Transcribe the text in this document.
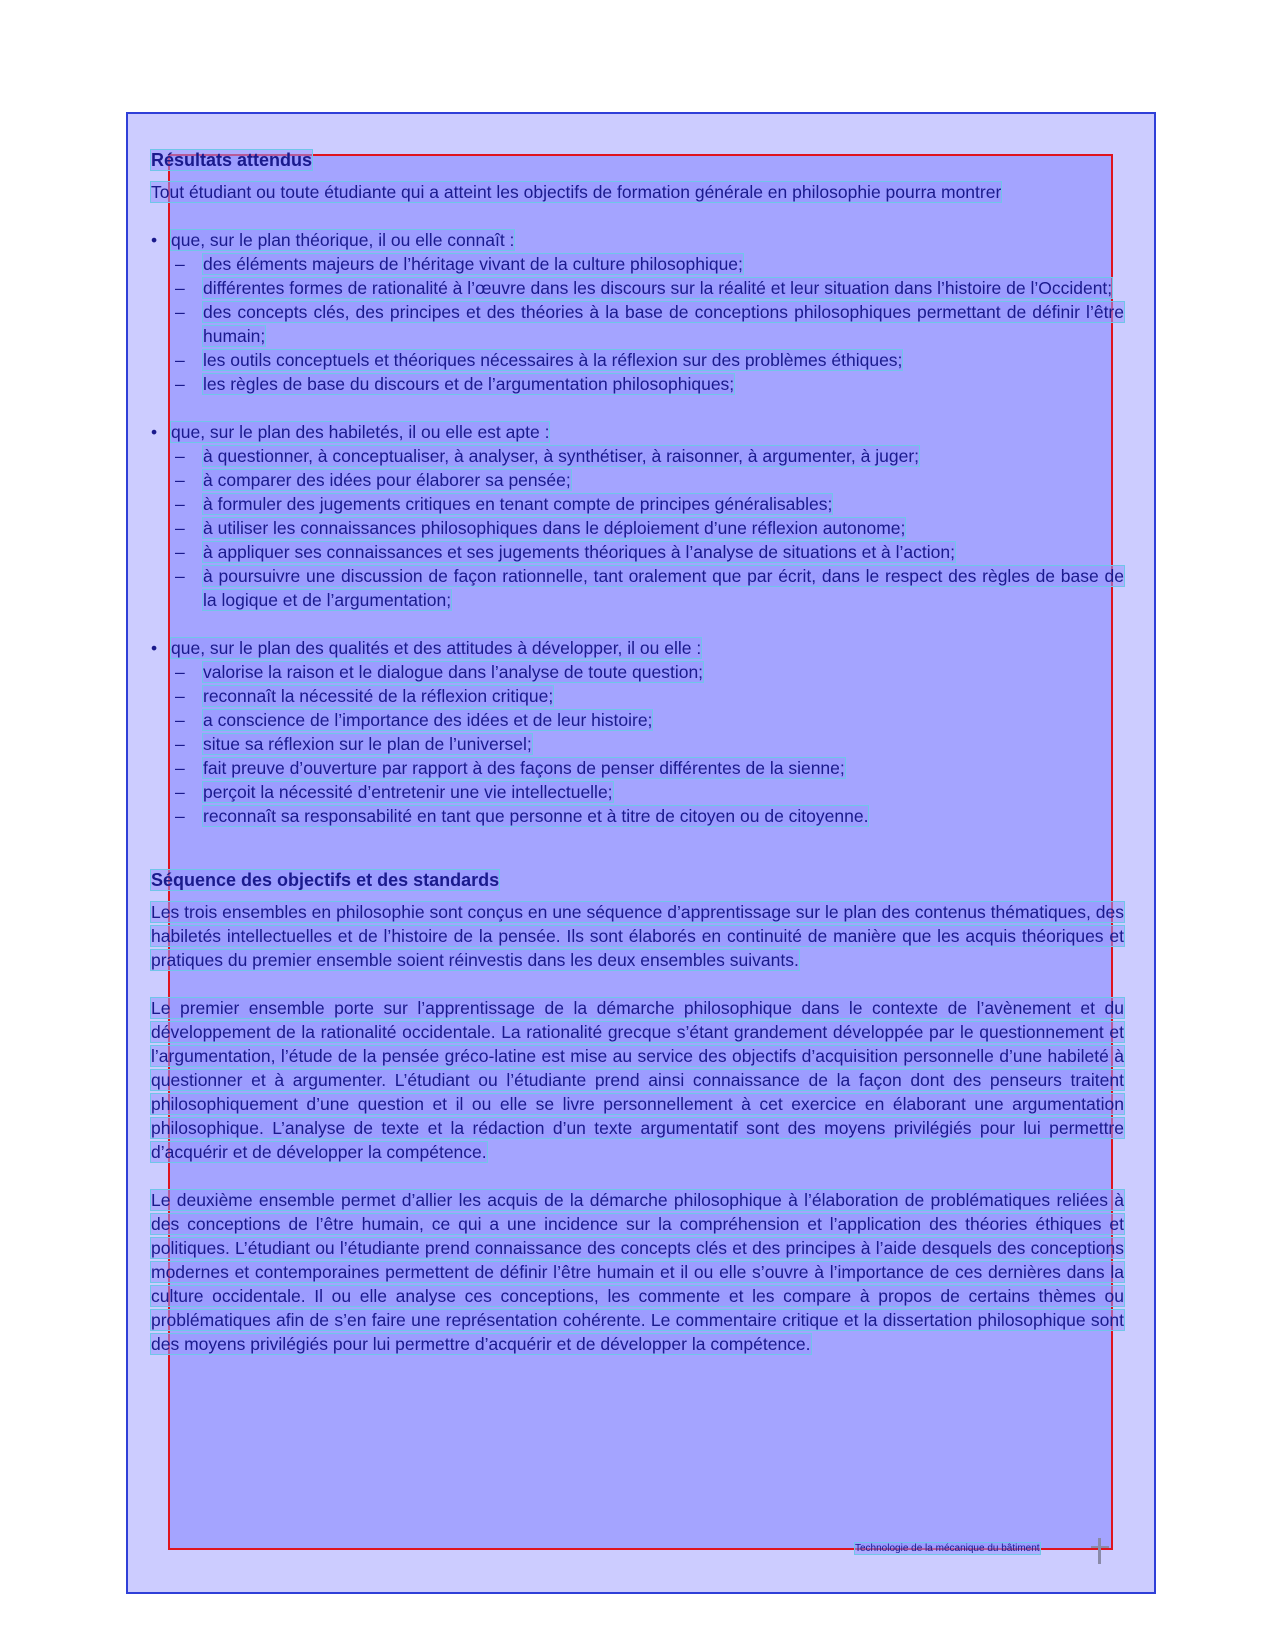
Résultats attendus

Tout étudiant ou toute étudiante qui a atteint les objectifs de formation générale en philosophie pourra montrer

• que, sur le plan théorique, il ou elle connaît :
– des éléments majeurs de l’héritage vivant de la culture philosophique;
– différentes formes de rationalité à l’œuvre dans les discours sur la réalité et leur situation dans l’histoire de l’Occident;
– des concepts clés, des principes et des théories à la base de conceptions philosophiques permettant de définir l’être humain;
– les outils conceptuels et théoriques nécessaires à la réflexion sur des problèmes éthiques;
– les règles de base du discours et de l’argumentation philosophiques;
• que, sur le plan des habiletés, il ou elle est apte :
– à questionner, à conceptualiser, à analyser, à synthétiser, à raisonner, à argumenter, à juger;
– à comparer des idées pour élaborer sa pensée;
– à formuler des jugements critiques en tenant compte de principes généralisables;
– à utiliser les connaissances philosophiques dans le déploiement d’une réflexion autonome;
– à appliquer ses connaissances et ses jugements théoriques à l’analyse de situations et à l’action;
– à poursuivre une discussion de façon rationnelle, tant oralement que par écrit, dans le respect des règles de base de la logique et de l’argumentation;
• que, sur le plan des qualités et des attitudes à développer, il ou elle :
– valorise la raison et le dialogue dans l’analyse de toute question;
– reconnaît la nécessité de la réflexion critique;
– a conscience de l’importance des idées et de leur histoire;
– situe sa réflexion sur le plan de l’universel;
– fait preuve d’ouverture par rapport à des façons de penser différentes de la sienne;
– perçoit la nécessité d’entretenir une vie intellectuelle;
– reconnaît sa responsabilité en tant que personne et à titre de citoyen ou de citoyenne.
Séquence des objectifs et des standards

Les trois ensembles en philosophie sont conçus en une séquence d’apprentissage sur le plan des contenus thématiques, des habiletés intellectuelles et de l’histoire de la pensée. Ils sont élaborés en continuité de manière que les acquis théoriques et pratiques du premier ensemble soient réinvestis dans les deux ensembles suivants.

Le premier ensemble porte sur l’apprentissage de la démarche philosophique dans le contexte de l’avènement et du développement de la rationalité occidentale. La rationalité grecque s’étant grandement développée par le questionnement et l’argumentation, l’étude de la pensée gréco-latine est mise au service des objectifs d’acquisition personnelle d’une habileté à questionner et à argumenter. L’étudiant ou l’étudiante prend ainsi connaissance de la façon dont des penseurs traitent philosophiquement d’une question et il ou elle se livre personnellement à cet exercice en élaborant une argumentation philosophique. L’analyse de texte et la rédaction d’un texte argumentatif sont des moyens privilégiés pour lui permettre d’acquérir et de développer la compétence.

Le deuxième ensemble permet d’allier les acquis de la démarche philosophique à l’élaboration de problématiques reliées à des conceptions de l’être humain, ce qui a une incidence sur la compréhension et l’application des théories éthiques et politiques. L’étudiant ou l’étudiante prend connaissance des concepts clés et des principes à l’aide desquels des conceptions modernes et contemporaines permettent de définir l’être humain et il ou elle s’ouvre à l’importance de ces dernières dans la culture occidentale. Il ou elle analyse ces conceptions, les commente et les compare à propos de certains thèmes ou problématiques afin de s’en faire une représentation cohérente. Le commentaire critique et la dissertation philosophique sont des moyens privilégiés pour lui permettre d’acquérir et de développer la compétence.

Technologie de la mécanique du bâtiment
